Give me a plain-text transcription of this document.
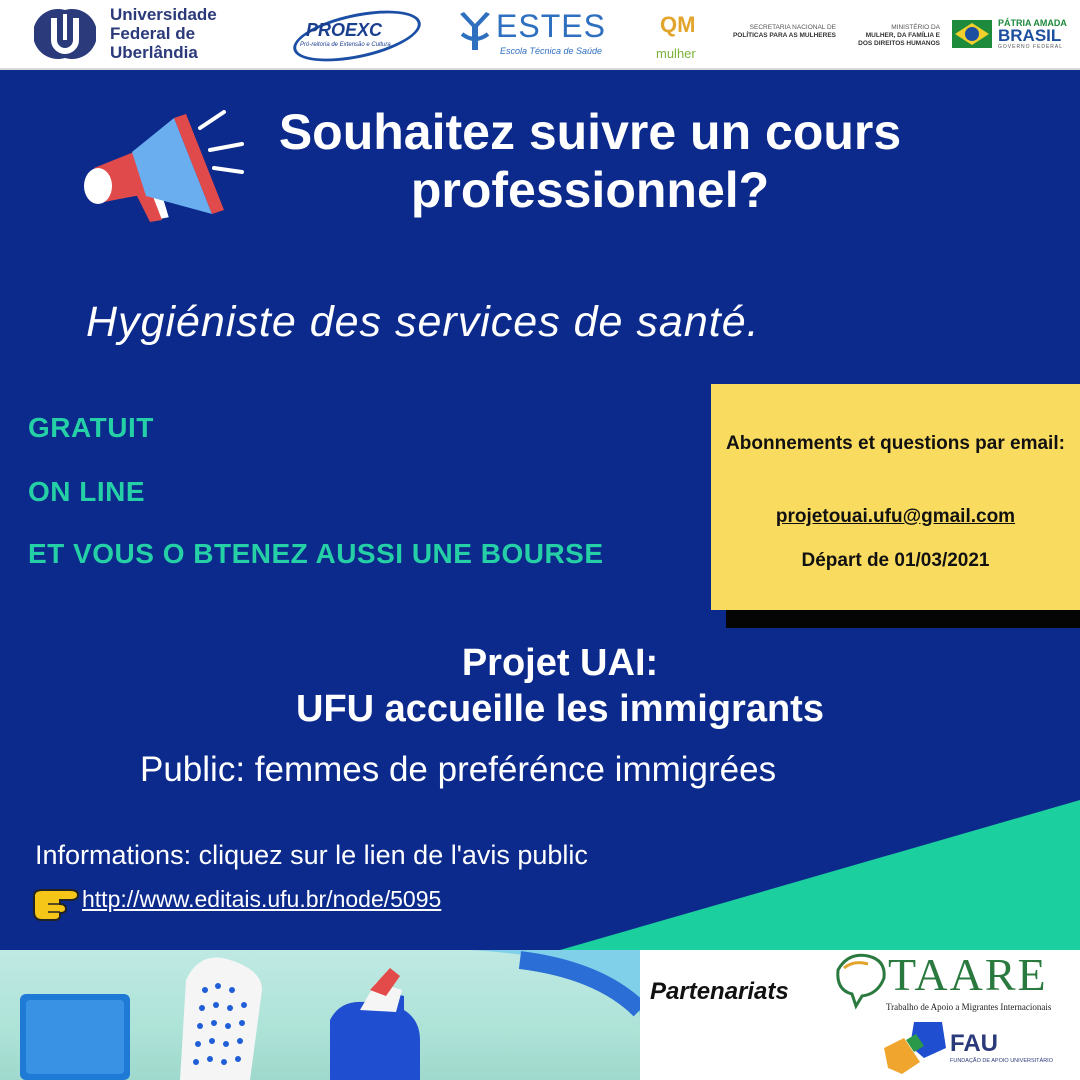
Universidade
Federal de
Uberlândia
PROEXC
Pró-reitoria de Extensão e Cultura
ESTES
Escola Técnica de Saúde
QM
mulher
SECRETARIA NACIONAL DE
POLÍTICAS PARA AS MULHERES
MINISTÉRIO DA
MULHER, DA FAMÍLIA E
DOS DIREITOS HUMANOS
PÁTRIA AMADA
BRASIL
GOVERNO FEDERAL
Souhaitez suivre un cours professionnel?
Hygiéniste des services de santé.
GRATUIT
ON LINE
ET VOUS O BTENEZ AUSSI UNE BOURSE
Abonnements et questions par email:
projetouai.ufu@gmail.com
Départ de 01/03/2021
Projet UAI:
UFU accueille les immigrants
Public: femmes de preférénce immigrées
Informations: cliquez sur le lien de l'avis public
http://www.editais.ufu.br/node/5095
Partenariats TAARE
Trabalho de Apoio a Migrantes Internacionais
FAU
FUNDAÇÃO DE APOIO UNIVERSITÁRIO
